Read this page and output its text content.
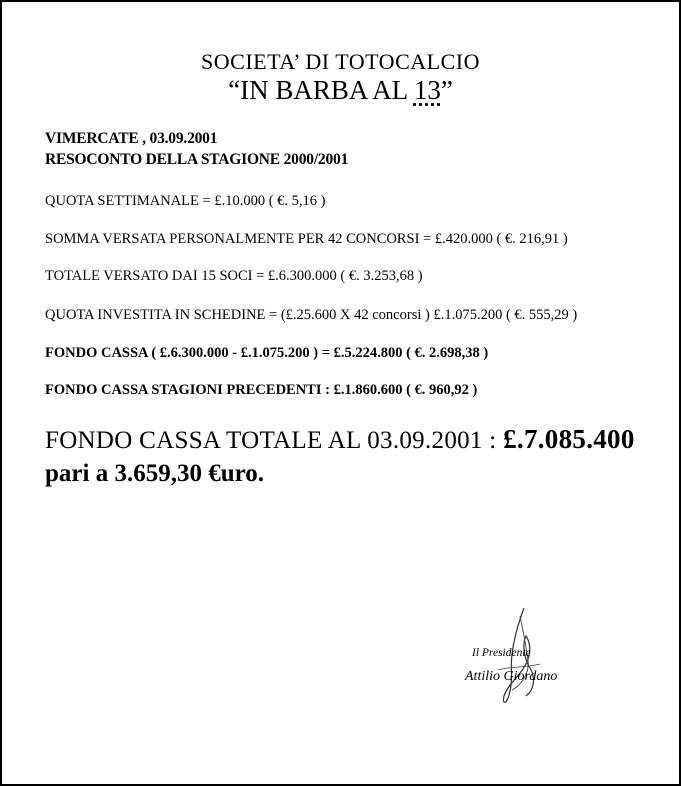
SOCIETA’ DI TOTOCALCIO
“IN BARBA AL 13”
VIMERCATE , 03.09.2001
RESOCONTO DELLA STAGIONE 2000/2001
QUOTA SETTIMANALE = £.10.000 ( €. 5,16 )
SOMMA VERSATA PERSONALMENTE PER 42 CONCORSI = £.420.000 ( €. 216,91 )
TOTALE VERSATO DAI 15 SOCI = £.6.300.000 ( €. 3.253,68 )
QUOTA INVESTITA IN SCHEDINE = (£.25.600 X 42 concorsi ) £.1.075.200 ( €. 555,29 )
FONDO CASSA ( £.6.300.000 - £.1.075.200 ) = £.5.224.800 ( €. 2.698,38 )
FONDO CASSA STAGIONI PRECEDENTI : £.1.860.600 ( €. 960,92 )
FONDO CASSA TOTALE AL 03.09.2001 : £.7.085.400
pari a 3.659,30 €uro.
Il Presidente
Attilio Giordano
